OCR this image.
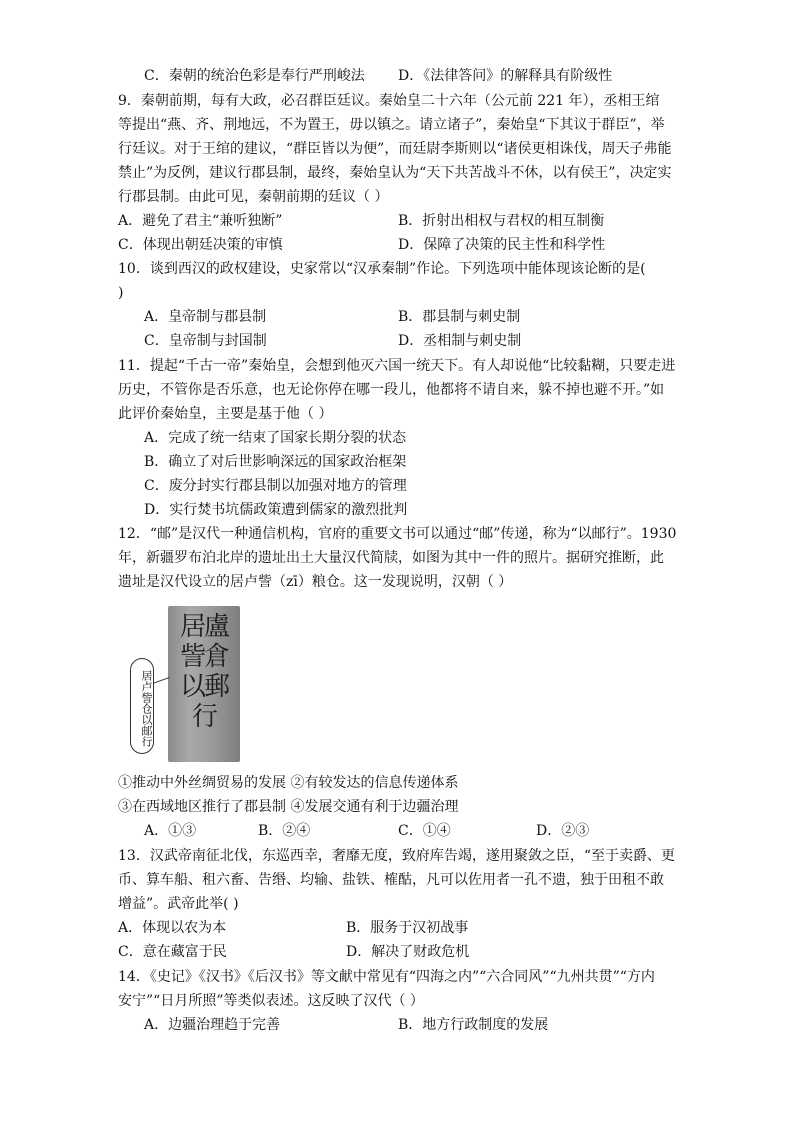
C．秦朝的统治色彩是奉行严刑峻法 D．《法律答问》的解释具有阶级性
9．秦朝前期，每有大政，必召群臣廷议。秦始皇二十六年（公元前 221 年），丞相王绾
等提出“燕、齐、荆地远，不为置王，毋以镇之。请立诸子”，秦始皇“下其议于群臣”，举
行廷议。对于王绾的建议，“群臣皆以为便”，而廷尉李斯则以“诸侯更相诛伐，周天子弗能
禁止”为反例，建议行郡县制，最终，秦始皇认为“天下共苦战斗不休，以有侯王”，决定实
行郡县制。由此可见，秦朝前期的廷议（ ）
A．避免了君主“兼听独断”	B．折射出相权与君权的相互制衡
C．体现出朝廷决策的审慎	D．保障了决策的民主性和科学性
10．谈到西汉的政权建设，史家常以“汉承秦制”作论。下列选项中能体现该论断的是(
)
A．皇帝制与郡县制	B．郡县制与刺史制
C．皇帝制与封国制	D．丞相制与刺史制
11．提起“千古一帝”秦始皇，会想到他灭六国一统天下。有人却说他“比较黏糊，只要走进
历史，不管你是否乐意，也无论你停在哪一段儿，他都将不请自来，躲不掉也避不开。”如
此评价秦始皇，主要是基于他（ ）
A．完成了统一结束了国家长期分裂的状态
B．确立了对后世影响深远的国家政治框架
C．废分封实行郡县制以加强对地方的管理
D．实行焚书坑儒政策遭到儒家的激烈批判
12．“邮”是汉代一种通信机构，官府的重要文书可以通过“邮”传递，称为“以邮行”。1930
年，新疆罗布泊北岸的遗址出土大量汉代简牍，如图为其中一件的照片。据研究推断，此
遗址是汉代设立的居卢訾（zī）粮仓。这一发现说明，汉朝（ ）
居盧訾倉以郵行
居卢訾仓以邮行
①推动中外丝绸贸易的发展 ②有较发达的信息传递体系
③在西域地区推行了郡县制 ④发展交通有利于边疆治理
A．①③	B．②④	C．①④	D．②③
13．汉武帝南征北伐，东巡西幸，奢靡无度，致府库告竭，遂用聚敛之臣，“至于卖爵、更
币、算车船、租六畜、告缗、均输、盐铁、榷酤，凡可以佐用者一孔不遗，独于田租不敢
增益”。武帝此举( )
A．体现以农为本	B．服务于汉初战事
C．意在藏富于民	D．解决了财政危机
14．《史记》《汉书》《后汉书》等文献中常见有“四海之内”“六合同风”“九州共贯”“方内
安宁”“日月所照”等类似表述。这反映了汉代（ ）
A．边疆治理趋于完善	B．地方行政制度的发展
